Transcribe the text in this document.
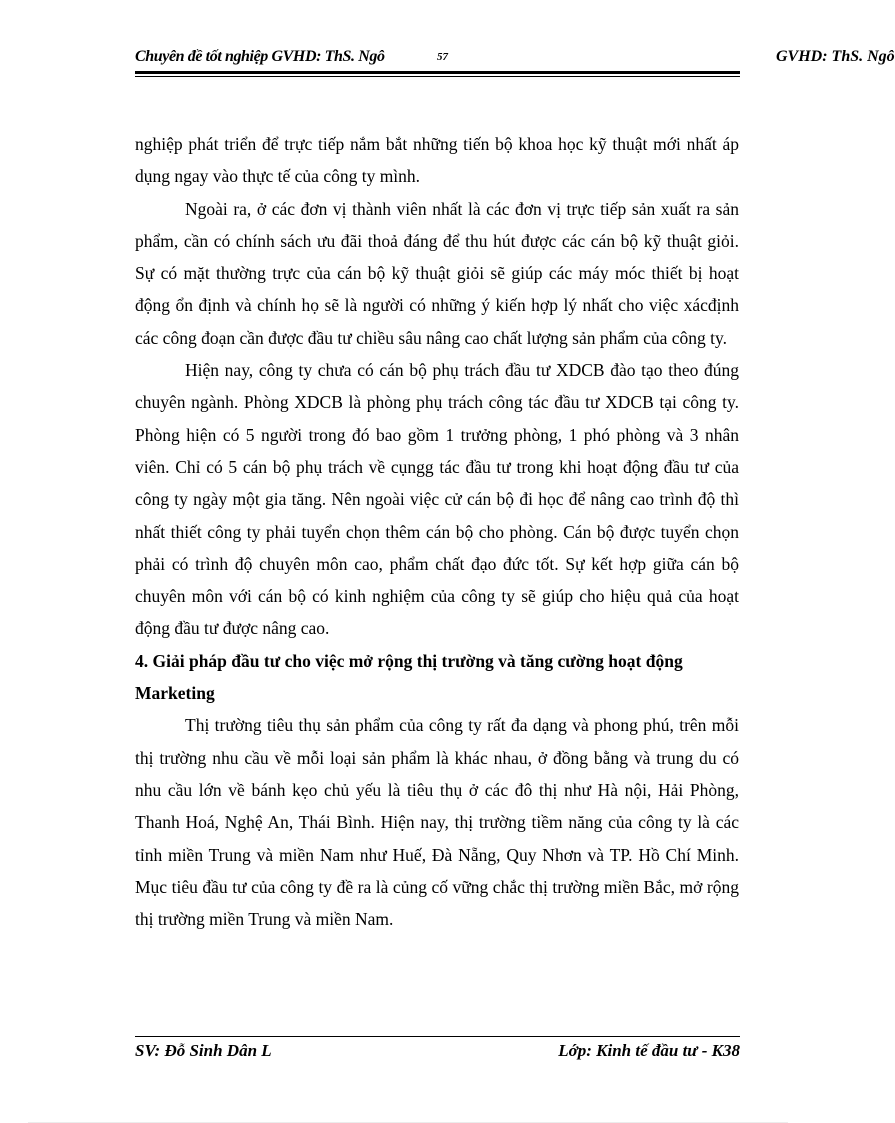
Chuyên đề tốt nghiệp GVHD: ThS. Ngô	57	GVHD: ThS. Ngô

nghiệp phát triển để trực tiếp nắm bắt những tiến bộ khoa học kỹ thuật mới nhất áp dụng ngay vào thực tế của công ty mình.

Ngoài ra, ở các đơn vị thành viên nhất là các đơn vị trực tiếp sản xuất ra sản phẩm, cần có chính sách ưu đãi thoả đáng để thu hút được các cán bộ kỹ thuật giỏi. Sự có mặt thường trực của cán bộ kỹ thuật giỏi sẽ giúp các máy móc thiết bị hoạt động ổn định và chính họ sẽ là người có những ý kiến hợp lý nhất cho việc xácđịnh các công đoạn cần được đầu tư chiều sâu nâng cao chất lượng sản phẩm của công ty.

Hiện nay, công ty chưa có cán bộ phụ trách đầu tư XDCB đào tạo theo đúng chuyên ngành. Phòng XDCB là phòng phụ trách công tác đầu tư XDCB tại công ty. Phòng hiện có 5 người trong đó bao gồm 1 trưởng phòng, 1 phó phòng và 3 nhân viên. Chỉ có 5 cán bộ phụ trách về cụngg tác đầu tư trong khi hoạt động đầu tư của công ty ngày một gia tăng. Nên ngoài việc cử cán bộ đi học để nâng cao trình độ thì nhất thiết công ty phải tuyển chọn thêm cán bộ cho phòng. Cán bộ được tuyển chọn phải có trình độ chuyên môn cao, phẩm chất đạo đức tốt. Sự kết hợp giữa cán bộ chuyên môn với cán bộ có kinh nghiệm của công ty sẽ giúp cho hiệu quả của hoạt động đầu tư được nâng cao.

4. Giải pháp đầu tư cho việc mở rộng thị trường và tăng cường hoạt động Marketing

Thị trường tiêu thụ sản phẩm của công ty rất đa dạng và phong phú, trên mỗi thị trường nhu cầu về mỗi loại sản phẩm là khác nhau, ở đồng bằng và trung du có nhu cầu lớn về bánh kẹo chủ yếu là tiêu thụ ở các đô thị như Hà nội, Hải Phòng, Thanh Hoá, Nghệ An, Thái Bình. Hiện nay, thị trường tiềm năng của công ty là các tỉnh miền Trung và miền Nam như Huế, Đà Nẵng, Quy Nhơn và TP. Hồ Chí Minh. Mục tiêu đầu tư của công ty đề ra là củng cố vững chắc thị trường miền Bắc, mở rộng thị trường miền Trung và miền Nam.

SV: Đỗ Sinh Dân L	Lớp: Kinh tế đầu tư - K38
